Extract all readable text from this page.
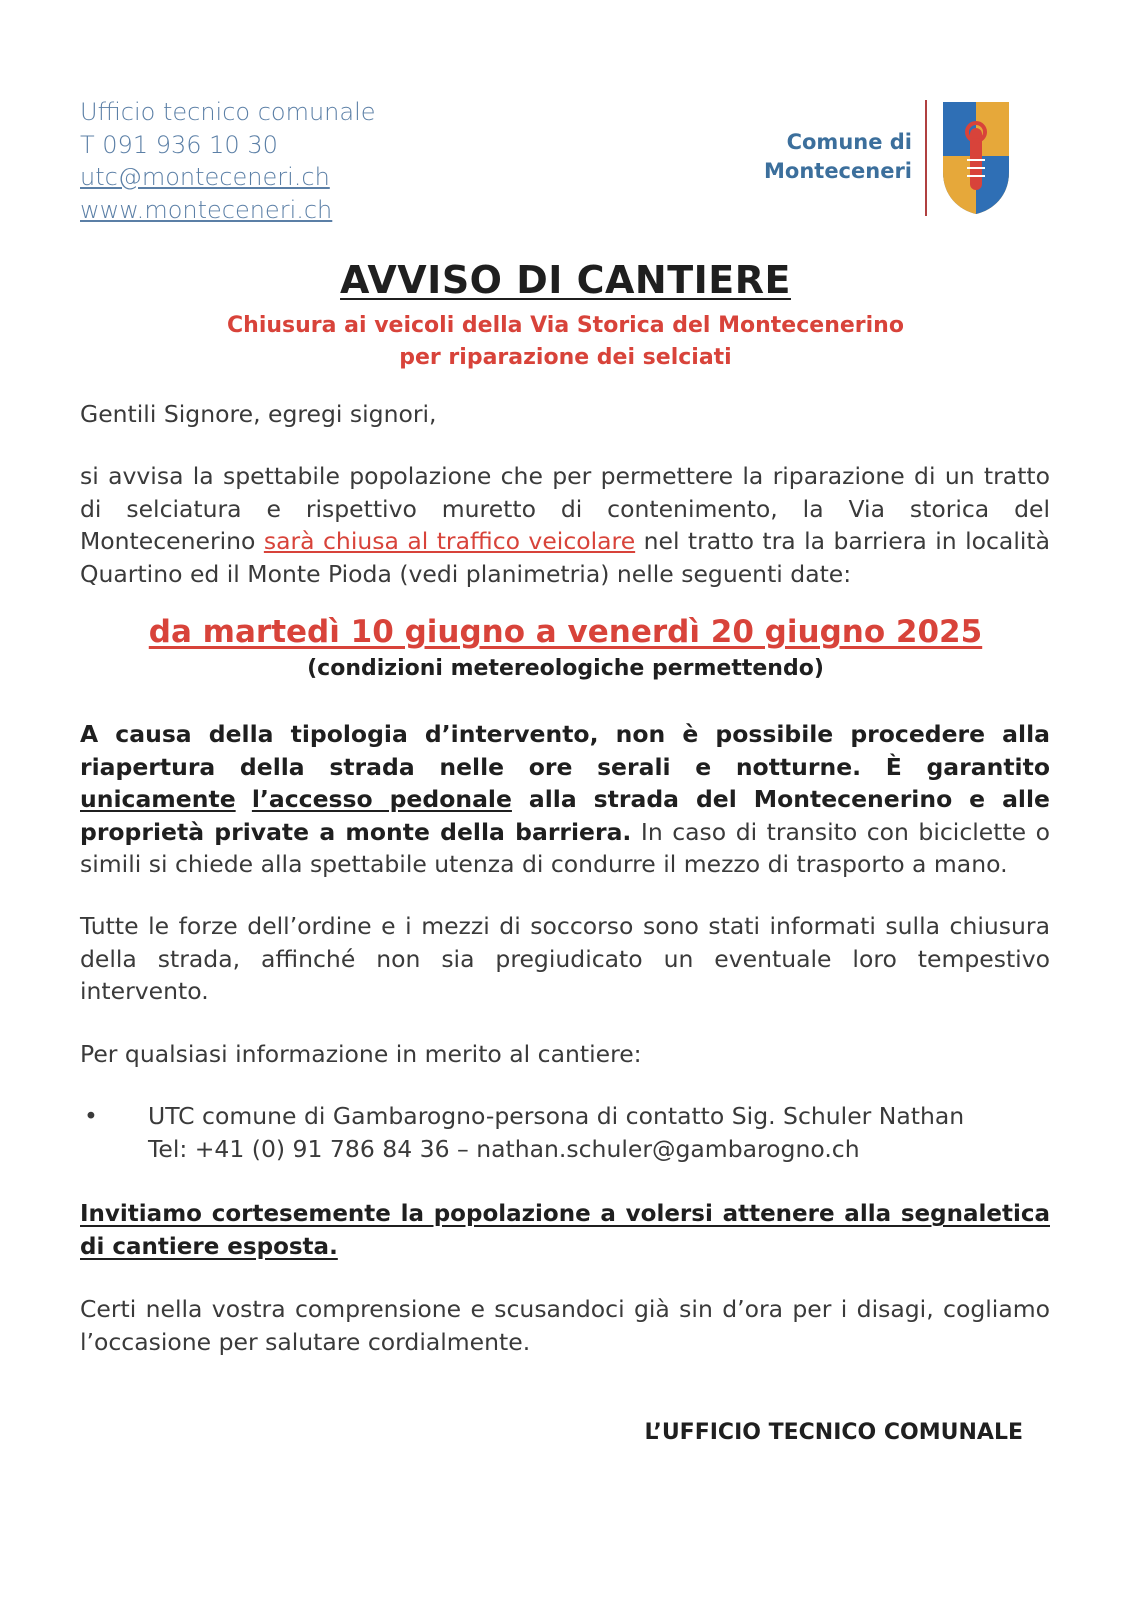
Ufficio tecnico comunale
T 091 936 10 30
utc@monteceneri.ch
www.monteceneri.ch
Comune di
Monteceneri
AVVISO DI CANTIERE
Chiusura ai veicoli della Via Storica del Montecenerino
per riparazione dei selciati
Gentili Signore, egregi signori,
si avvisa la spettabile popolazione che per permettere la riparazione di un tratto di selciatura e rispettivo muretto di contenimento, la Via storica del Montecenerino sarà chiusa al traffico veicolare nel tratto tra la barriera in località Quartino ed il Monte Pioda (vedi planimetria) nelle seguenti date:
da martedì 10 giugno a venerdì 20 giugno 2025
(condizioni metereologiche permettendo)
A causa della tipologia d’intervento, non è possibile procedere alla riapertura della strada nelle ore serali e notturne. È garantito unicamente l’accesso pedonale alla strada del Montecenerino e alle proprietà private a monte della barriera. In caso di transito con biciclette o simili si chiede alla spettabile utenza di condurre il mezzo di trasporto a mano.
Tutte le forze dell’ordine e i mezzi di soccorso sono stati informati sulla chiusura della strada, affinché non sia pregiudicato un eventuale loro tempestivo intervento.
Per qualsiasi informazione in merito al cantiere:
• UTC comune di Gambarogno-persona di contatto Sig. Schuler Nathan
Tel: +41 (0) 91 786 84 36 – nathan.schuler@gambarogno.ch
Invitiamo cortesemente la popolazione a volersi attenere alla segnaletica di cantiere esposta.
Certi nella vostra comprensione e scusandoci già sin d’ora per i disagi, cogliamo l’occasione per salutare cordialmente.
L’UFFICIO TECNICO COMUNALE
